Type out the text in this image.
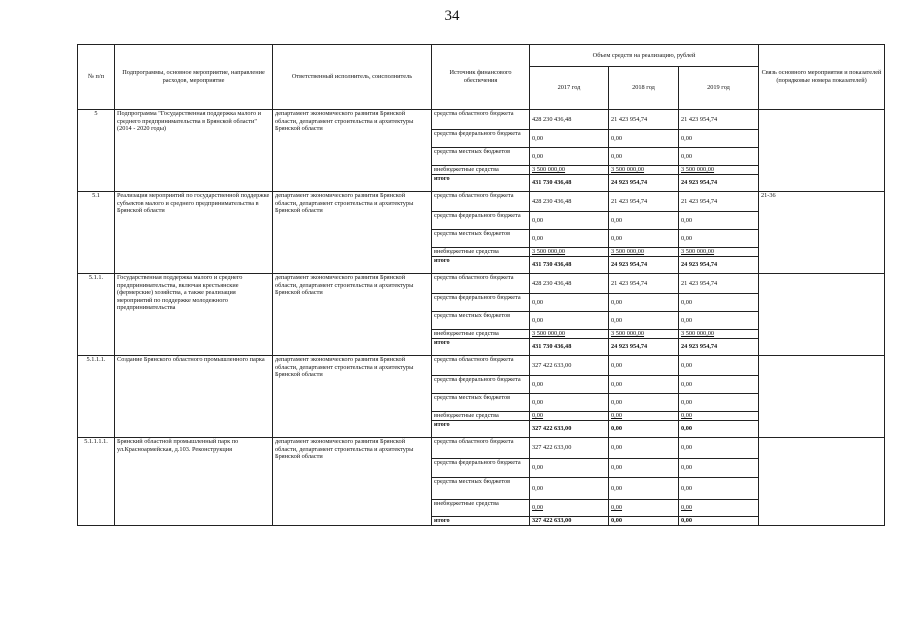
34
№ п/п	Подпрограммы, основное мероприятие, направление расходов, мероприятие	Ответственный исполнитель, соисполнитель	Источник финансового обеспечения	Объем средств на реализацию, рублей			Связь основного мероприятия и показателей (порядковые номера показателей)
				2017 год	2018 год	2019 год	
5	Подпрограмма "Государственная поддержка малого и среднего предпринимательства в Брянской области" (2014 - 2020 годы)	департамент экономического развития Брянской области, департамент строительства и архитектуры Брянской области	средства областного бюджета	428 230 436,48	21 423 954,74	21 423 954,74	
			средства федерального бюджета	0,00	0,00	0,00	
			средства местных бюджетов	0,00	0,00	0,00	
			внебюджетные средства	3 500 000,00	3 500 000,00	3 500 000,00	
			итого	431 730 436,48	24 923 954,74	24 923 954,74	
5.1	Реализация мероприятий по государственной поддержке субъектов малого и среднего предпринимательства в Брянской области	департамент экономического развития Брянской области, департамент строительства и архитектуры Брянской области	средства областного бюджета	428 230 436,48	21 423 954,74	21 423 954,74	21-36
			средства федерального бюджета	0,00	0,00	0,00	
			средства местных бюджетов	0,00	0,00	0,00	
			внебюджетные средства	3 500 000,00	3 500 000,00	3 500 000,00	
			итого	431 730 436,48	24 923 954,74	24 923 954,74	
5.1.1.	Государственная поддержка малого и среднего предпринимательства, включая крестьянские (фермерские) хозяйства, а также реализация мероприятий по поддержке молодежного предпринимательства	департамент экономического развития Брянской области, департамент строительства и архитектуры Брянской области	средства областного бюджета	428 230 436,48	21 423 954,74	21 423 954,74	
			средства федерального бюджета	0,00	0,00	0,00	
			средства местных бюджетов	0,00	0,00	0,00	
			внебюджетные средства	3 500 000,00	3 500 000,00	3 500 000,00	
			итого	431 730 436,48	24 923 954,74	24 923 954,74	
5.1.1.1.	Создание Брянского областного промышленного парка	департамент экономического развития Брянской области, департамент строительства и архитектуры Брянской области	средства областного бюджета	327 422 633,00	0,00	0,00	
			средства федерального бюджета	0,00	0,00	0,00	
			средства местных бюджетов	0,00	0,00	0,00	
			внебюджетные средства	0,00	0,00	0,00	
			итого	327 422 633,00	0,00	0,00	
5.1.1.1.1.	Брянский областной промышленный парк по ул.Красноармейская, д.103. Реконструкция	департамент экономического развития Брянской области, департамент строительства и архитектуры Брянской области	средства областного бюджета	327 422 633,00	0,00	0,00	
			средства федерального бюджета	0,00	0,00	0,00	
			средства местных бюджетов	0,00	0,00	0,00	
			внебюджетные средства	0,00	0,00	0,00	
			итого	327 422 633,00	0,00	0,00	
